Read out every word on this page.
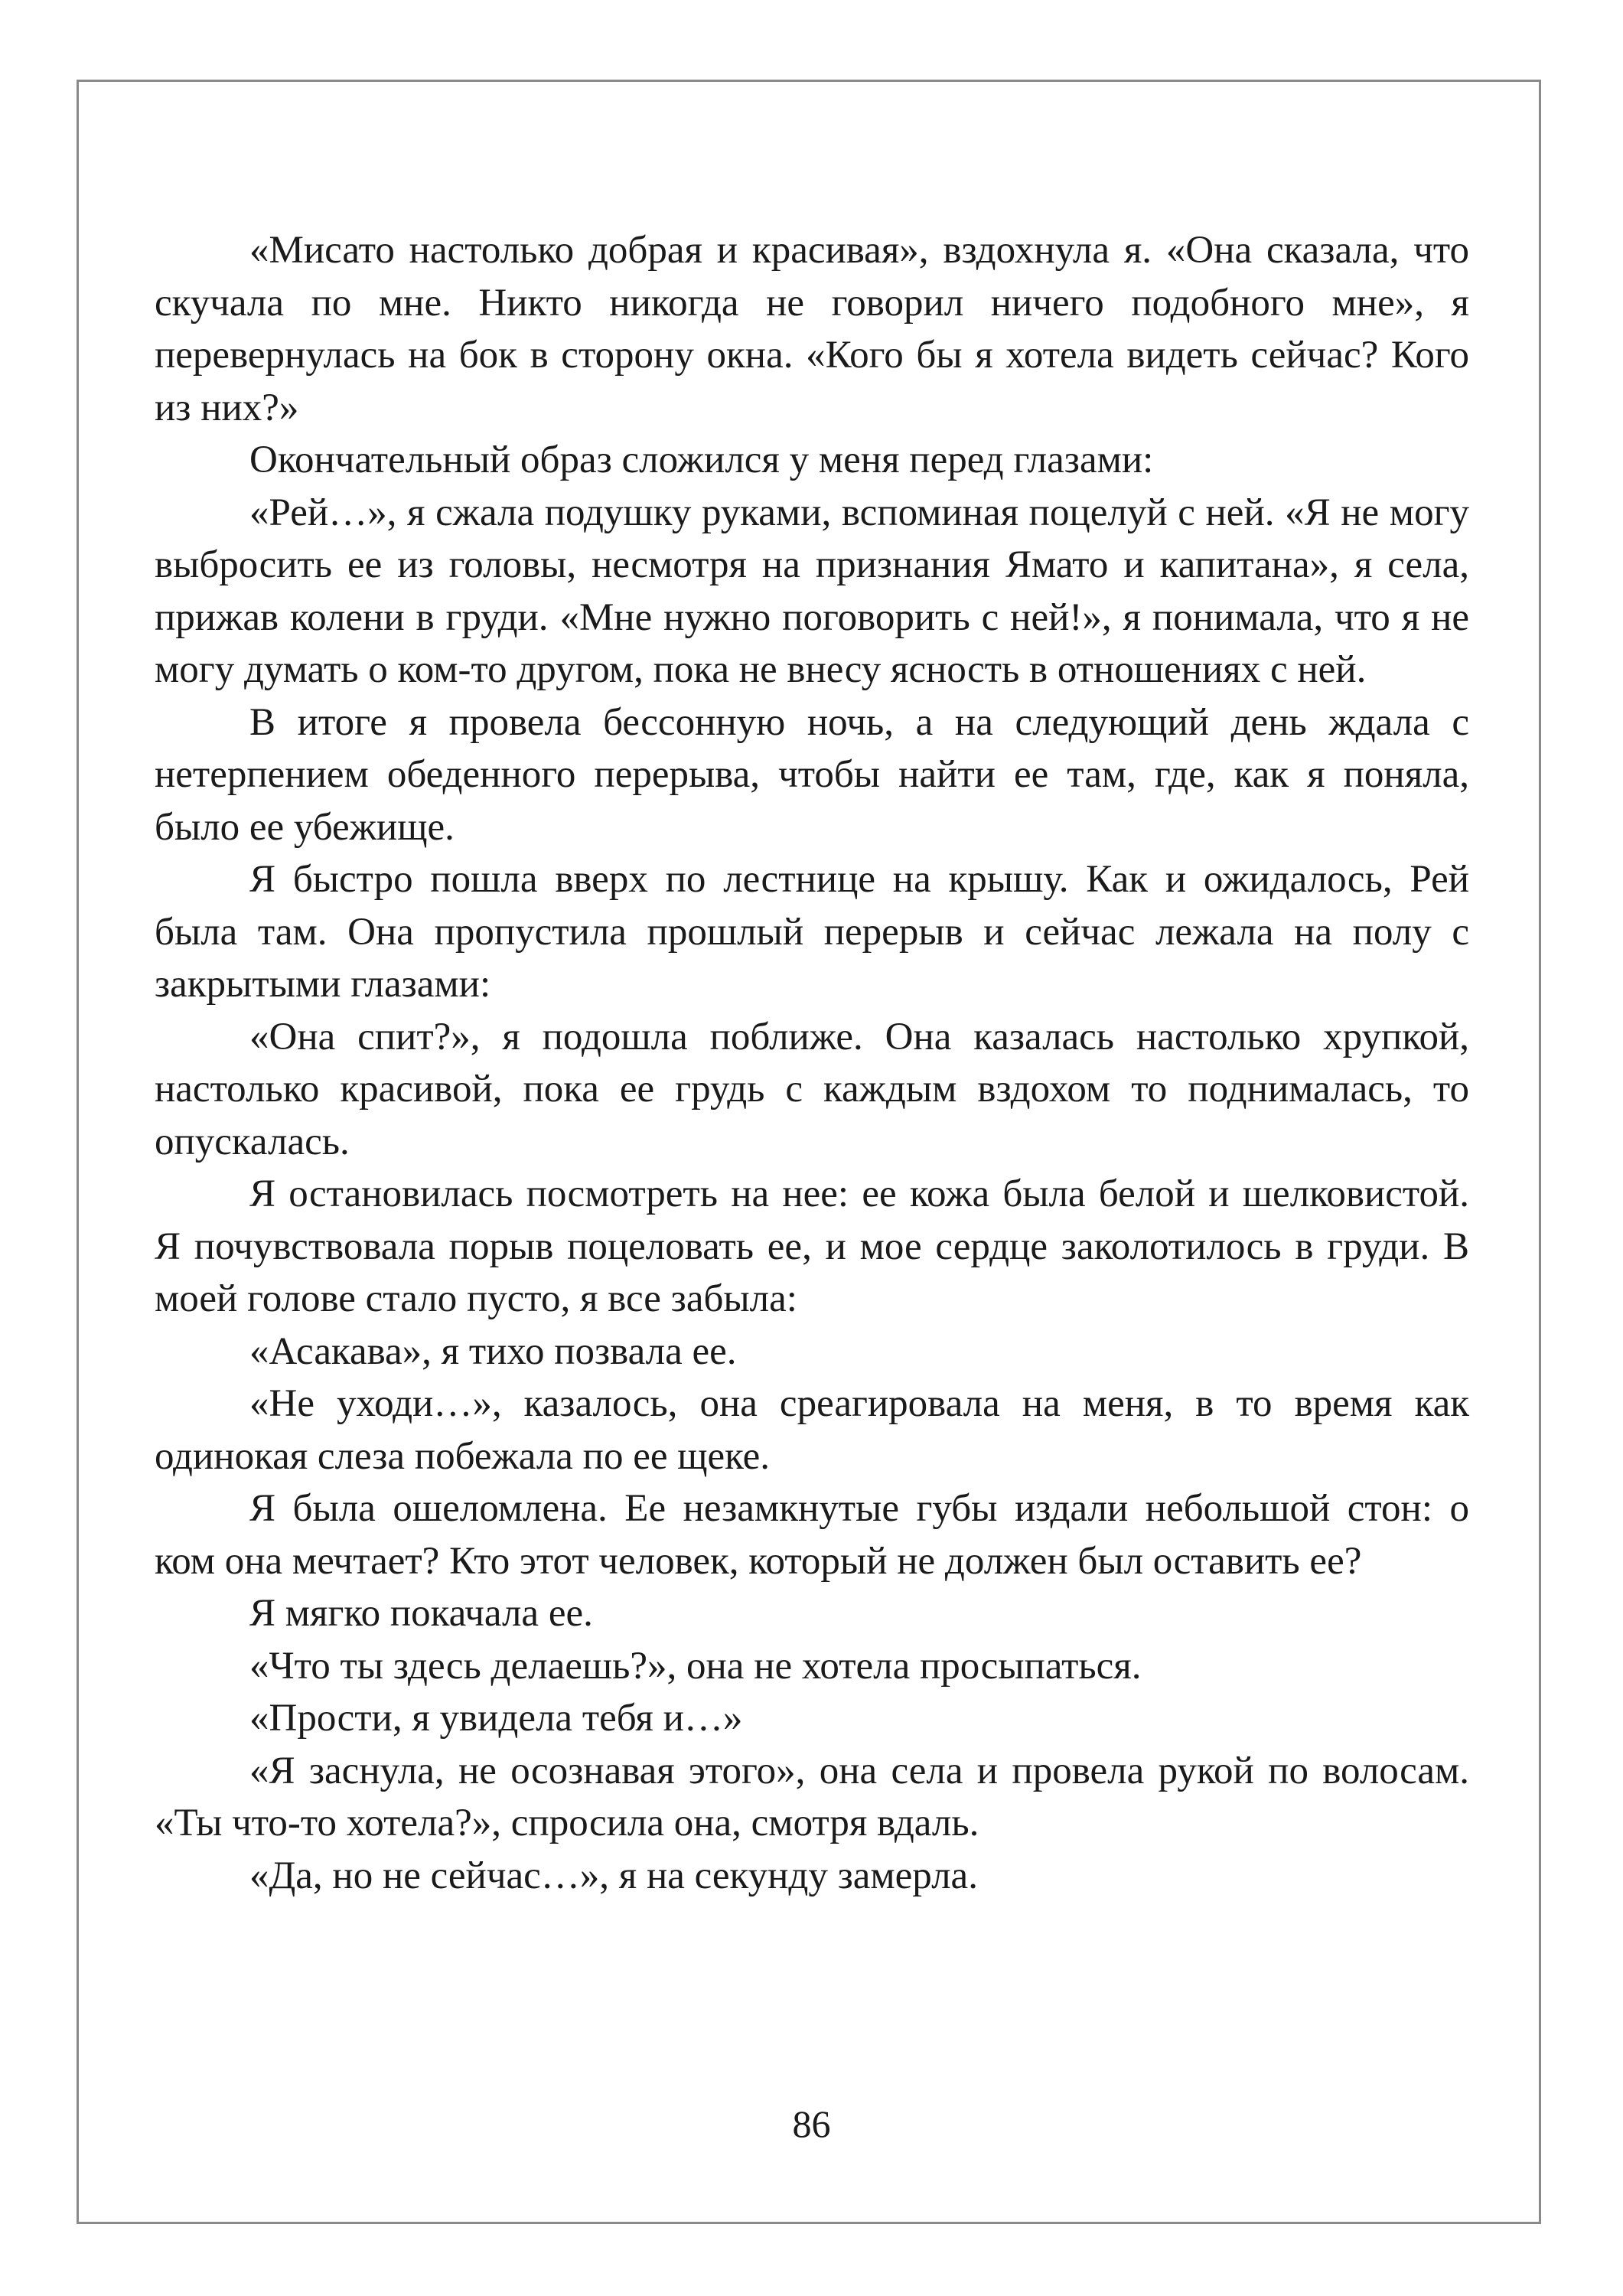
«Мисато настолько добрая и красивая», вздохнула я. «Она сказала, что скучала по мне. Никто никогда не говорил ничего подобного мне», я перевернулась на бок в сторону окна. «Кого бы я хотела видеть сейчас? Кого из них?»

Окончательный образ сложился у меня перед глазами:

«Рей…», я сжала подушку руками, вспоминая поцелуй с ней. «Я не могу выбросить ее из головы, несмотря на признания Ямато и капитана», я села, прижав колени в груди. «Мне нужно поговорить с ней!», я понимала, что я не могу думать о ком-то другом, пока не внесу ясность в отношениях с ней.

В итоге я провела бессонную ночь, а на следующий день ждала с нетерпением обеденного перерыва, чтобы найти ее там, где, как я поняла, было ее убежище.

Я быстро пошла вверх по лестнице на крышу. Как и ожидалось, Рей была там. Она пропустила прошлый перерыв и сейчас лежала на полу с закрытыми глазами:

«Она спит?», я подошла поближе. Она казалась настолько хрупкой, настолько красивой, пока ее грудь с каждым вздохом то поднималась, то опускалась.

Я остановилась посмотреть на нее: ее кожа была белой и шелковистой. Я почувствовала порыв поцеловать ее, и мое сердце заколотилось в груди. В моей голове стало пусто, я все забыла:

«Асакава», я тихо позвала ее.

«Не уходи…», казалось, она среагировала на меня, в то время как одинокая слеза побежала по ее щеке.

Я была ошеломлена. Ее незамкнутые губы издали небольшой стон: о ком она мечтает? Кто этот человек, который не должен был оставить ее?

Я мягко покачала ее.

«Что ты здесь делаешь?», она не хотела просыпаться.

«Прости, я увидела тебя и…»

«Я заснула, не осознавая этого», она села и провела рукой по волосам. «Ты что-то хотела?», спросила она, смотря вдаль.

«Да, но не сейчас…», я на секунду замерла.

86
